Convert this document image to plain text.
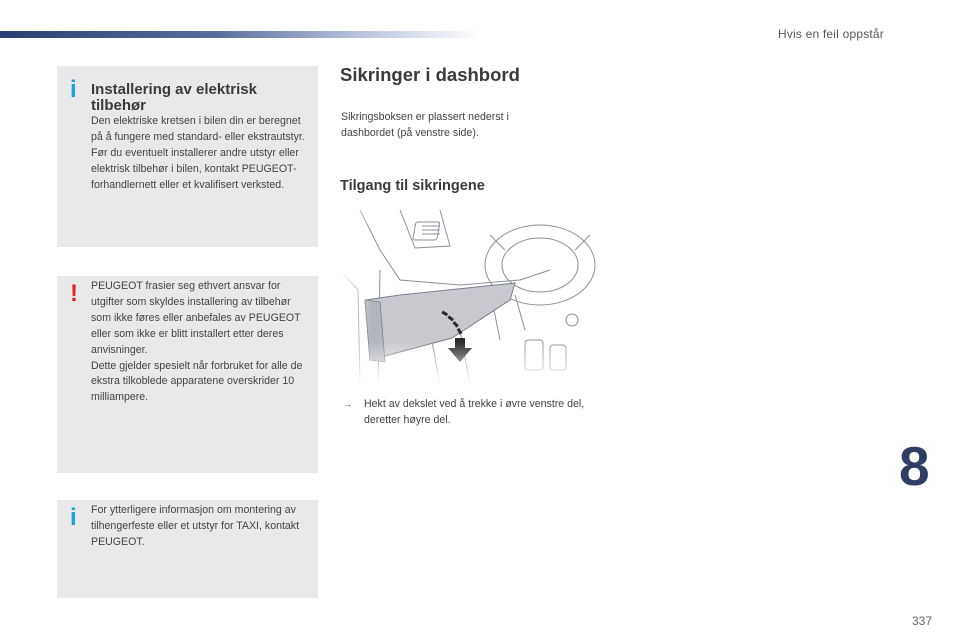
Hvis en feil oppstår
i Installering av elektrisk tilbehør
Den elektriske kretsen i bilen din er beregnet på å fungere med standard- eller ekstrautstyr.
Før du eventuelt installerer andre utstyr eller elektrisk tilbehør i bilen, kontakt PEUGEOT-forhandlernett eller et kvalifisert verksted.
! PEUGEOT frasier seg ethvert ansvar for utgifter som skyldes installering av tilbehør som ikke føres eller anbefales av PEUGEOT eller som ikke er blitt installert etter deres anvisninger.
Dette gjelder spesielt når forbruket for alle de ekstra tilkoblede apparatene overskrider 10 milliampere.
i For ytterligere informasjon om montering av tilhengerfeste eller et utstyr for TAXI, kontakt PEUGEOT.
Sikringer i dashbord
Sikringsboksen er plassert nederst i dashbordet (på venstre side).
Tilgang til sikringene
→ Hekt av dekslet ved å trekke i øvre venstre del, deretter høyre del.
8
337
